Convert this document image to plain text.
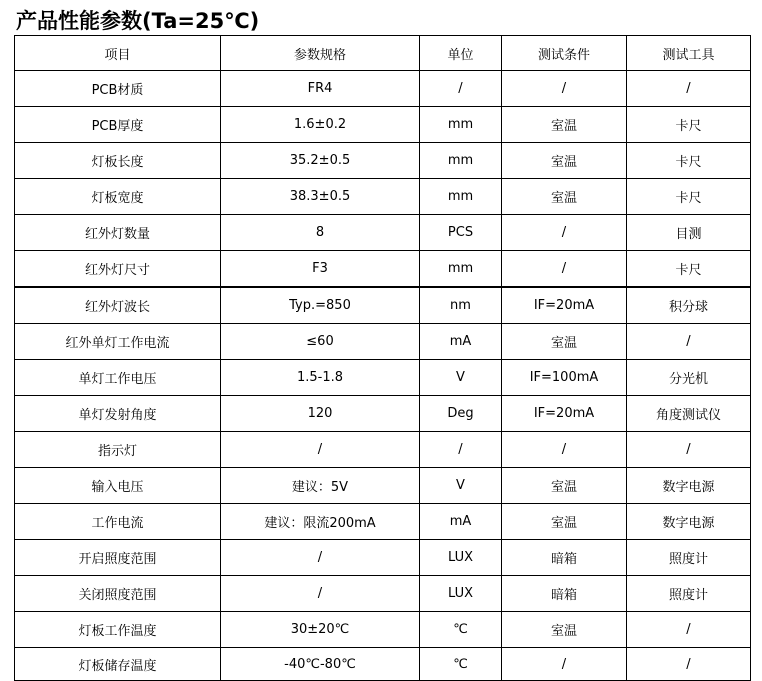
产品性能参数(Ta=25℃)
项目	参数规格	单位	测试条件	测试工具
PCB材质	FR4	/	/	/
PCB厚度	1.6±0.2	mm	室温	卡尺
灯板长度	35.2±0.5	mm	室温	卡尺
灯板宽度	38.3±0.5	mm	室温	卡尺
红外灯数量	8	PCS	/	目测
红外灯尺寸	F3	mm	/	卡尺
红外灯波长	Typ.=850	nm	IF=20mA	积分球
红外单灯工作电流	≤60	mA	室温	/
单灯工作电压	1.5-1.8	V	IF=100mA	分光机
单灯发射角度	120	Deg	IF=20mA	角度测试仪
指示灯	/	/	/	/
输入电压	建议：5V	V	室温	数字电源
工作电流	建议：限流200mA	mA	室温	数字电源
开启照度范围	/	LUX	暗箱	照度计
关闭照度范围	/	LUX	暗箱	照度计
灯板工作温度	30±20℃	℃	室温	/
灯板储存温度	-40℃-80℃	℃	/	/
